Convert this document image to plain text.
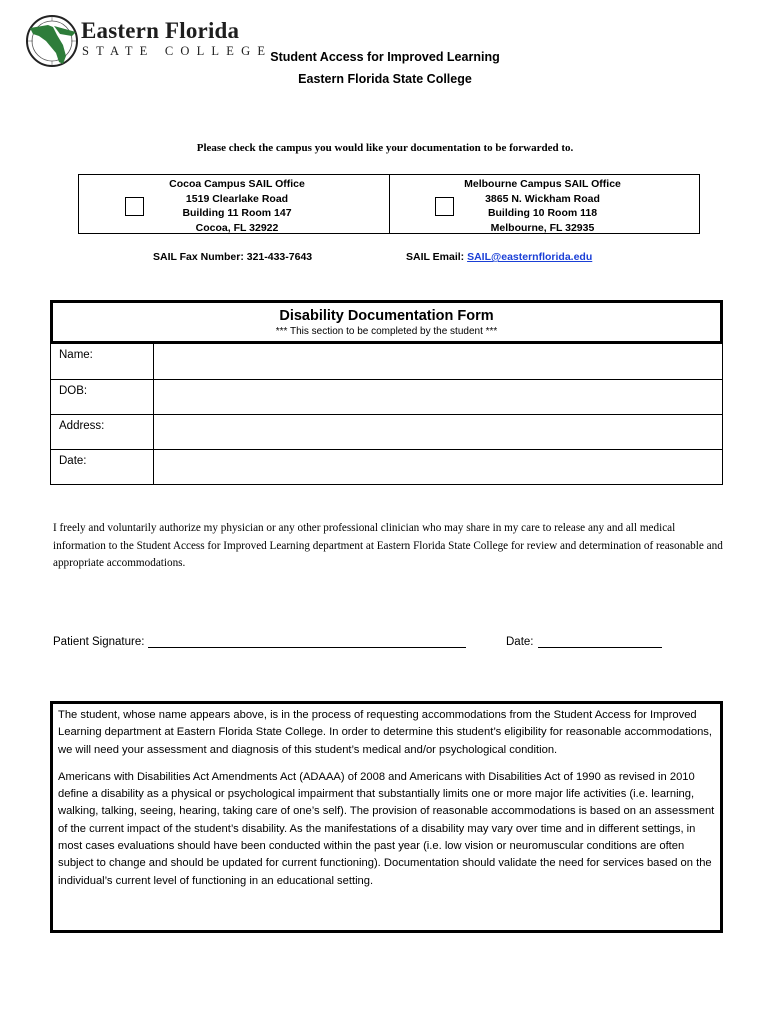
Eastern Florida
STATE COLLEGE
Student Access for Improved Learning
Eastern Florida State College
Please check the campus you would like your documentation to be forwarded to.
Cocoa Campus SAIL Office
1519 Clearlake Road
Building 11 Room 147
Cocoa, FL 32922
Melbourne Campus SAIL Office
3865 N. Wickham Road
Building 10 Room 118
Melbourne, FL 32935
SAIL Fax Number: 321-433-7643	SAIL Email: SAIL@easternflorida.edu
Disability Documentation Form
*** This section to be completed by the student ***
Name:
DOB:
Address:
Date:
I freely and voluntarily authorize my physician or any other professional clinician who may share in my care to release any and all medical information to the Student Access for Improved Learning department at Eastern Florida State College for review and determination of reasonable and appropriate accommodations.
Patient Signature:	Date:

The student, whose name appears above, is in the process of requesting accommodations from the Student Access for Improved Learning department at Eastern Florida State College. In order to determine this student’s eligibility for reasonable accommodations, we will need your assessment and diagnosis of this student’s medical and/or psychological condition.

Americans with Disabilities Act Amendments Act (ADAAA) of 2008 and Americans with Disabilities Act of 1990 as revised in 2010 define a disability as a physical or psychological impairment that substantially limits one or more major life activities (i.e. learning, walking, talking, seeing, hearing, taking care of one’s self). The provision of reasonable accommodations is based on an assessment of the current impact of the student’s disability. As the manifestations of a disability may vary over time and in different settings, in most cases evaluations should have been conducted within the past year (i.e. low vision or neuromuscular conditions are often subject to change and should be updated for current functioning). Documentation should validate the need for services based on the individual’s current level of functioning in an educational setting.
